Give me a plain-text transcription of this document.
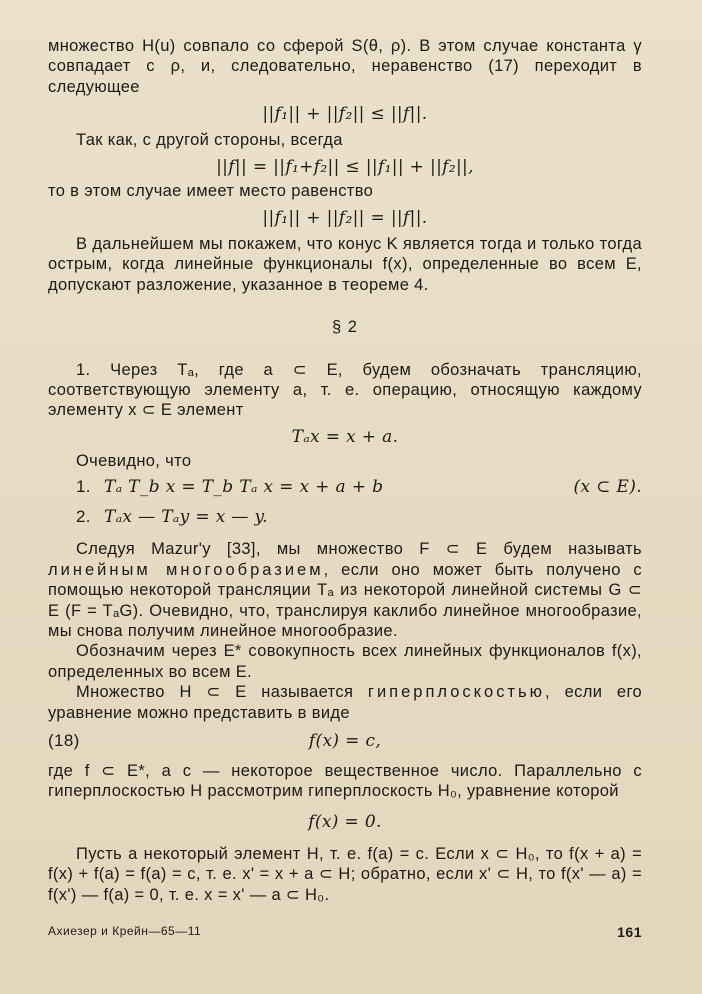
множество H(u) совпало со сферой S(θ, ρ). В этом случае константа γ совпадает с ρ, и, следовательно, неравенство (17) переходит в следующее

||f₁|| + ||f₂|| ≤ ||f||.

Так как, с другой стороны, всегда

||f|| = ||f₁+f₂|| ≤ ||f₁|| + ||f₂||,

то в этом случае имеет место равенство

||f₁|| + ||f₂|| = ||f||.

В дальнейшем мы покажем, что конус K является тогда и только тогда острым, когда линейные функционалы f(x), определенные во всем E, допускают разложение, указанное в теореме 4.

§ 2

1. Через Tₐ, где a ⊂ E, будем обозначать трансляцию, соответствующую элементу a, т. е. операцию, относящую каждому элементу x ⊂ E элемент

Tₐx = x + a.

Очевидно, что

1. Tₐ T_b x = T_b Tₐ x = x + a + b	(x ⊂ E).
2. Tₐx — Tₐy = x — y.

Следуя Mazur'у [33], мы множество F ⊂ E будем называть линейным многообразием, если оно может быть получено с помощью некоторой трансляции Tₐ из некоторой линейной системы G ⊂ E (F = TₐG). Очевидно, что, транслируя каклибо линейное многообразие, мы снова получим линейное многообразие.

Обозначим через E* совокупность всех линейных функционалов f(x), определенных во всем E.

Множество H ⊂ E называется гиперплоскостью, если его уравнение можно представить в виде

(18)	f(x) = c,

где f ⊂ E*, а c — некоторое вещественное число. Параллельно с гиперплоскостью H рассмотрим гиперплоскость H₀, уравнение которой

f(x) = 0.

Пусть a некоторый элемент H, т. е. f(a) = c. Если x ⊂ H₀, то f(x + a) = f(x) + f(a) = f(a) = c, т. е. x' = x + a ⊂ H; обратно, если x' ⊂ H, то f(x' — a) = f(x') — f(a) = 0, т. е. x = x' — a ⊂ H₀.

Ахиезер и Крейн—65—11	161
